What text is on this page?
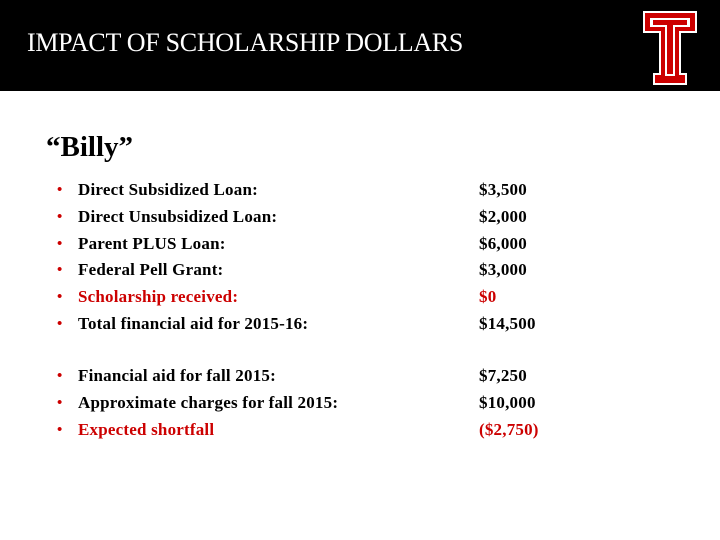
IMPACT OF SCHOLARSHIP DOLLARS
“Billy”
• Direct Subsidized Loan:	$3,500
• Direct Unsubsidized Loan:	$2,000
• Parent PLUS Loan:	$6,000
• Federal Pell Grant:	$3,000
• Scholarship received:	$0
• Total financial aid for 2015-16:	$14,500
• Financial aid for fall 2015:	$7,250
• Approximate charges for fall 2015:	$10,000
• Expected shortfall	($2,750)
